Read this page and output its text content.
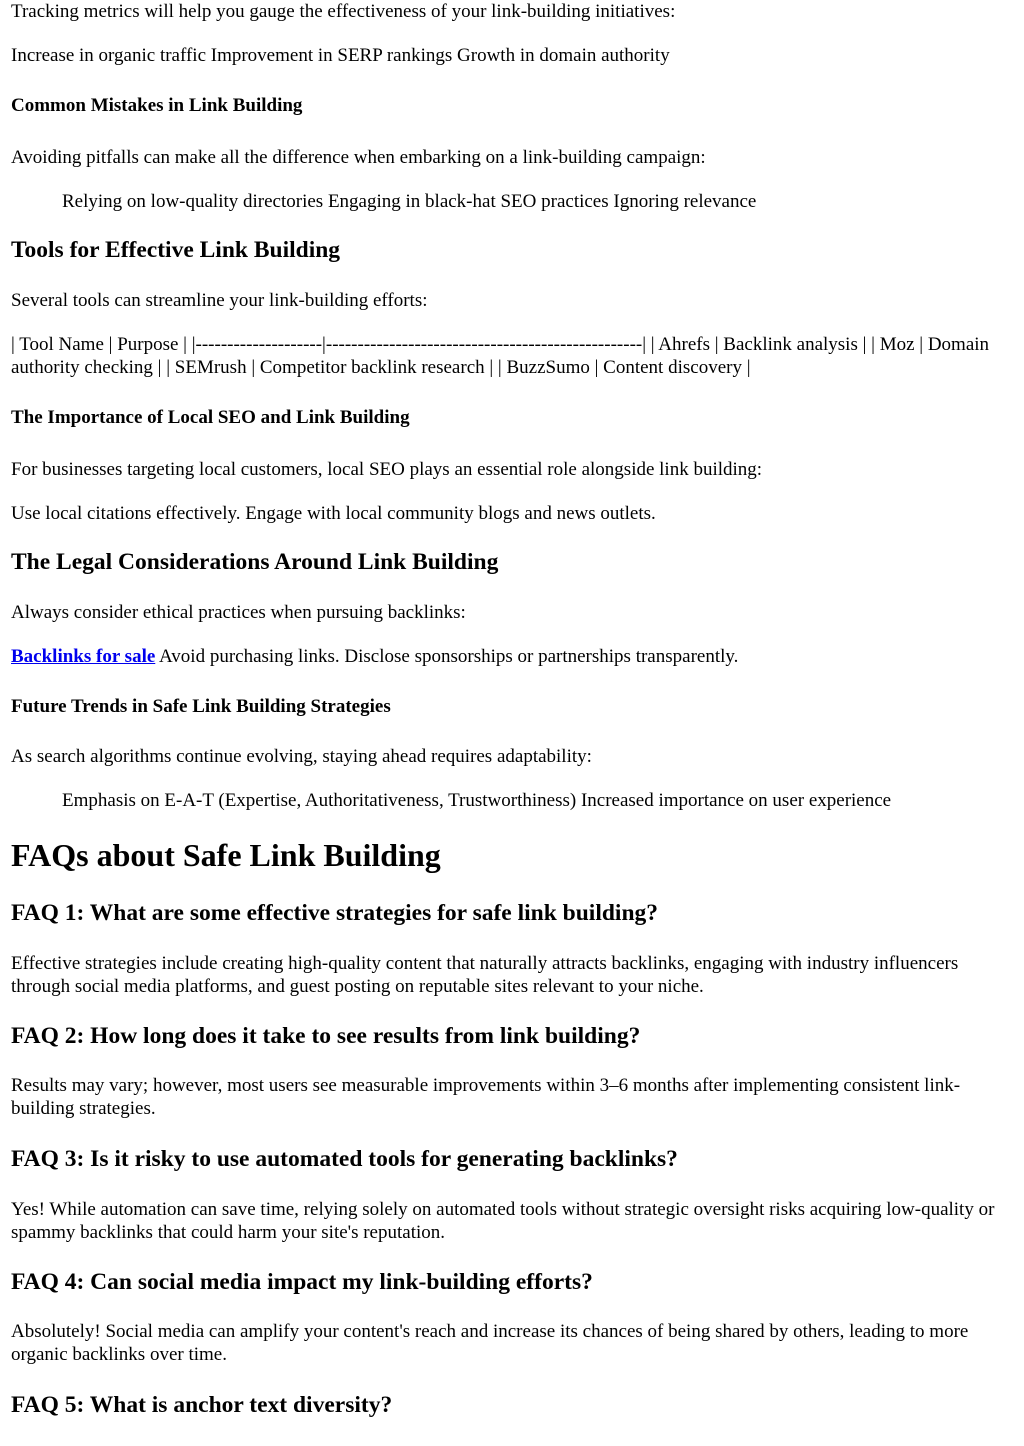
Tracking metrics will help you gauge the effectiveness of your link-building initiatives:

Increase in organic traffic Improvement in SERP rankings Growth in domain authority

Common Mistakes in Link Building

Avoiding pitfalls can make all the difference when embarking on a link-building campaign:

Relying on low-quality directories Engaging in black-hat SEO practices Ignoring relevance

Tools for Effective Link Building

Several tools can streamline your link-building efforts:

| Tool Name | Purpose | |--------------------|--------------------------------------------------| | Ahrefs | Backlink analysis | | Moz | Domain authority checking | | SEMrush | Competitor backlink research | | BuzzSumo | Content discovery |

The Importance of Local SEO and Link Building

For businesses targeting local customers, local SEO plays an essential role alongside link building:

Use local citations effectively. Engage with local community blogs and news outlets.

The Legal Considerations Around Link Building

Always consider ethical practices when pursuing backlinks:

Backlinks for sale Avoid purchasing links. Disclose sponsorships or partnerships transparently.

Future Trends in Safe Link Building Strategies

As search algorithms continue evolving, staying ahead requires adaptability:

Emphasis on E-A-T (Expertise, Authoritativeness, Trustworthiness) Increased importance on user experience

FAQs about Safe Link Building
FAQ 1: What are some effective strategies for safe link building?

Effective strategies include creating high-quality content that naturally attracts backlinks, engaging with industry influencers through social media platforms, and guest posting on reputable sites relevant to your niche.

FAQ 2: How long does it take to see results from link building?

Results may vary; however, most users see measurable improvements within 3–6 months after implementing consistent link-building strategies.

FAQ 3: Is it risky to use automated tools for generating backlinks?

Yes! While automation can save time, relying solely on automated tools without strategic oversight risks acquiring low-quality or spammy backlinks that could harm your site's reputation.

FAQ 4: Can social media impact my link-building efforts?

Absolutely! Social media can amplify your content's reach and increase its chances of being shared by others, leading to more organic backlinks over time.

FAQ 5: What is anchor text diversity?
